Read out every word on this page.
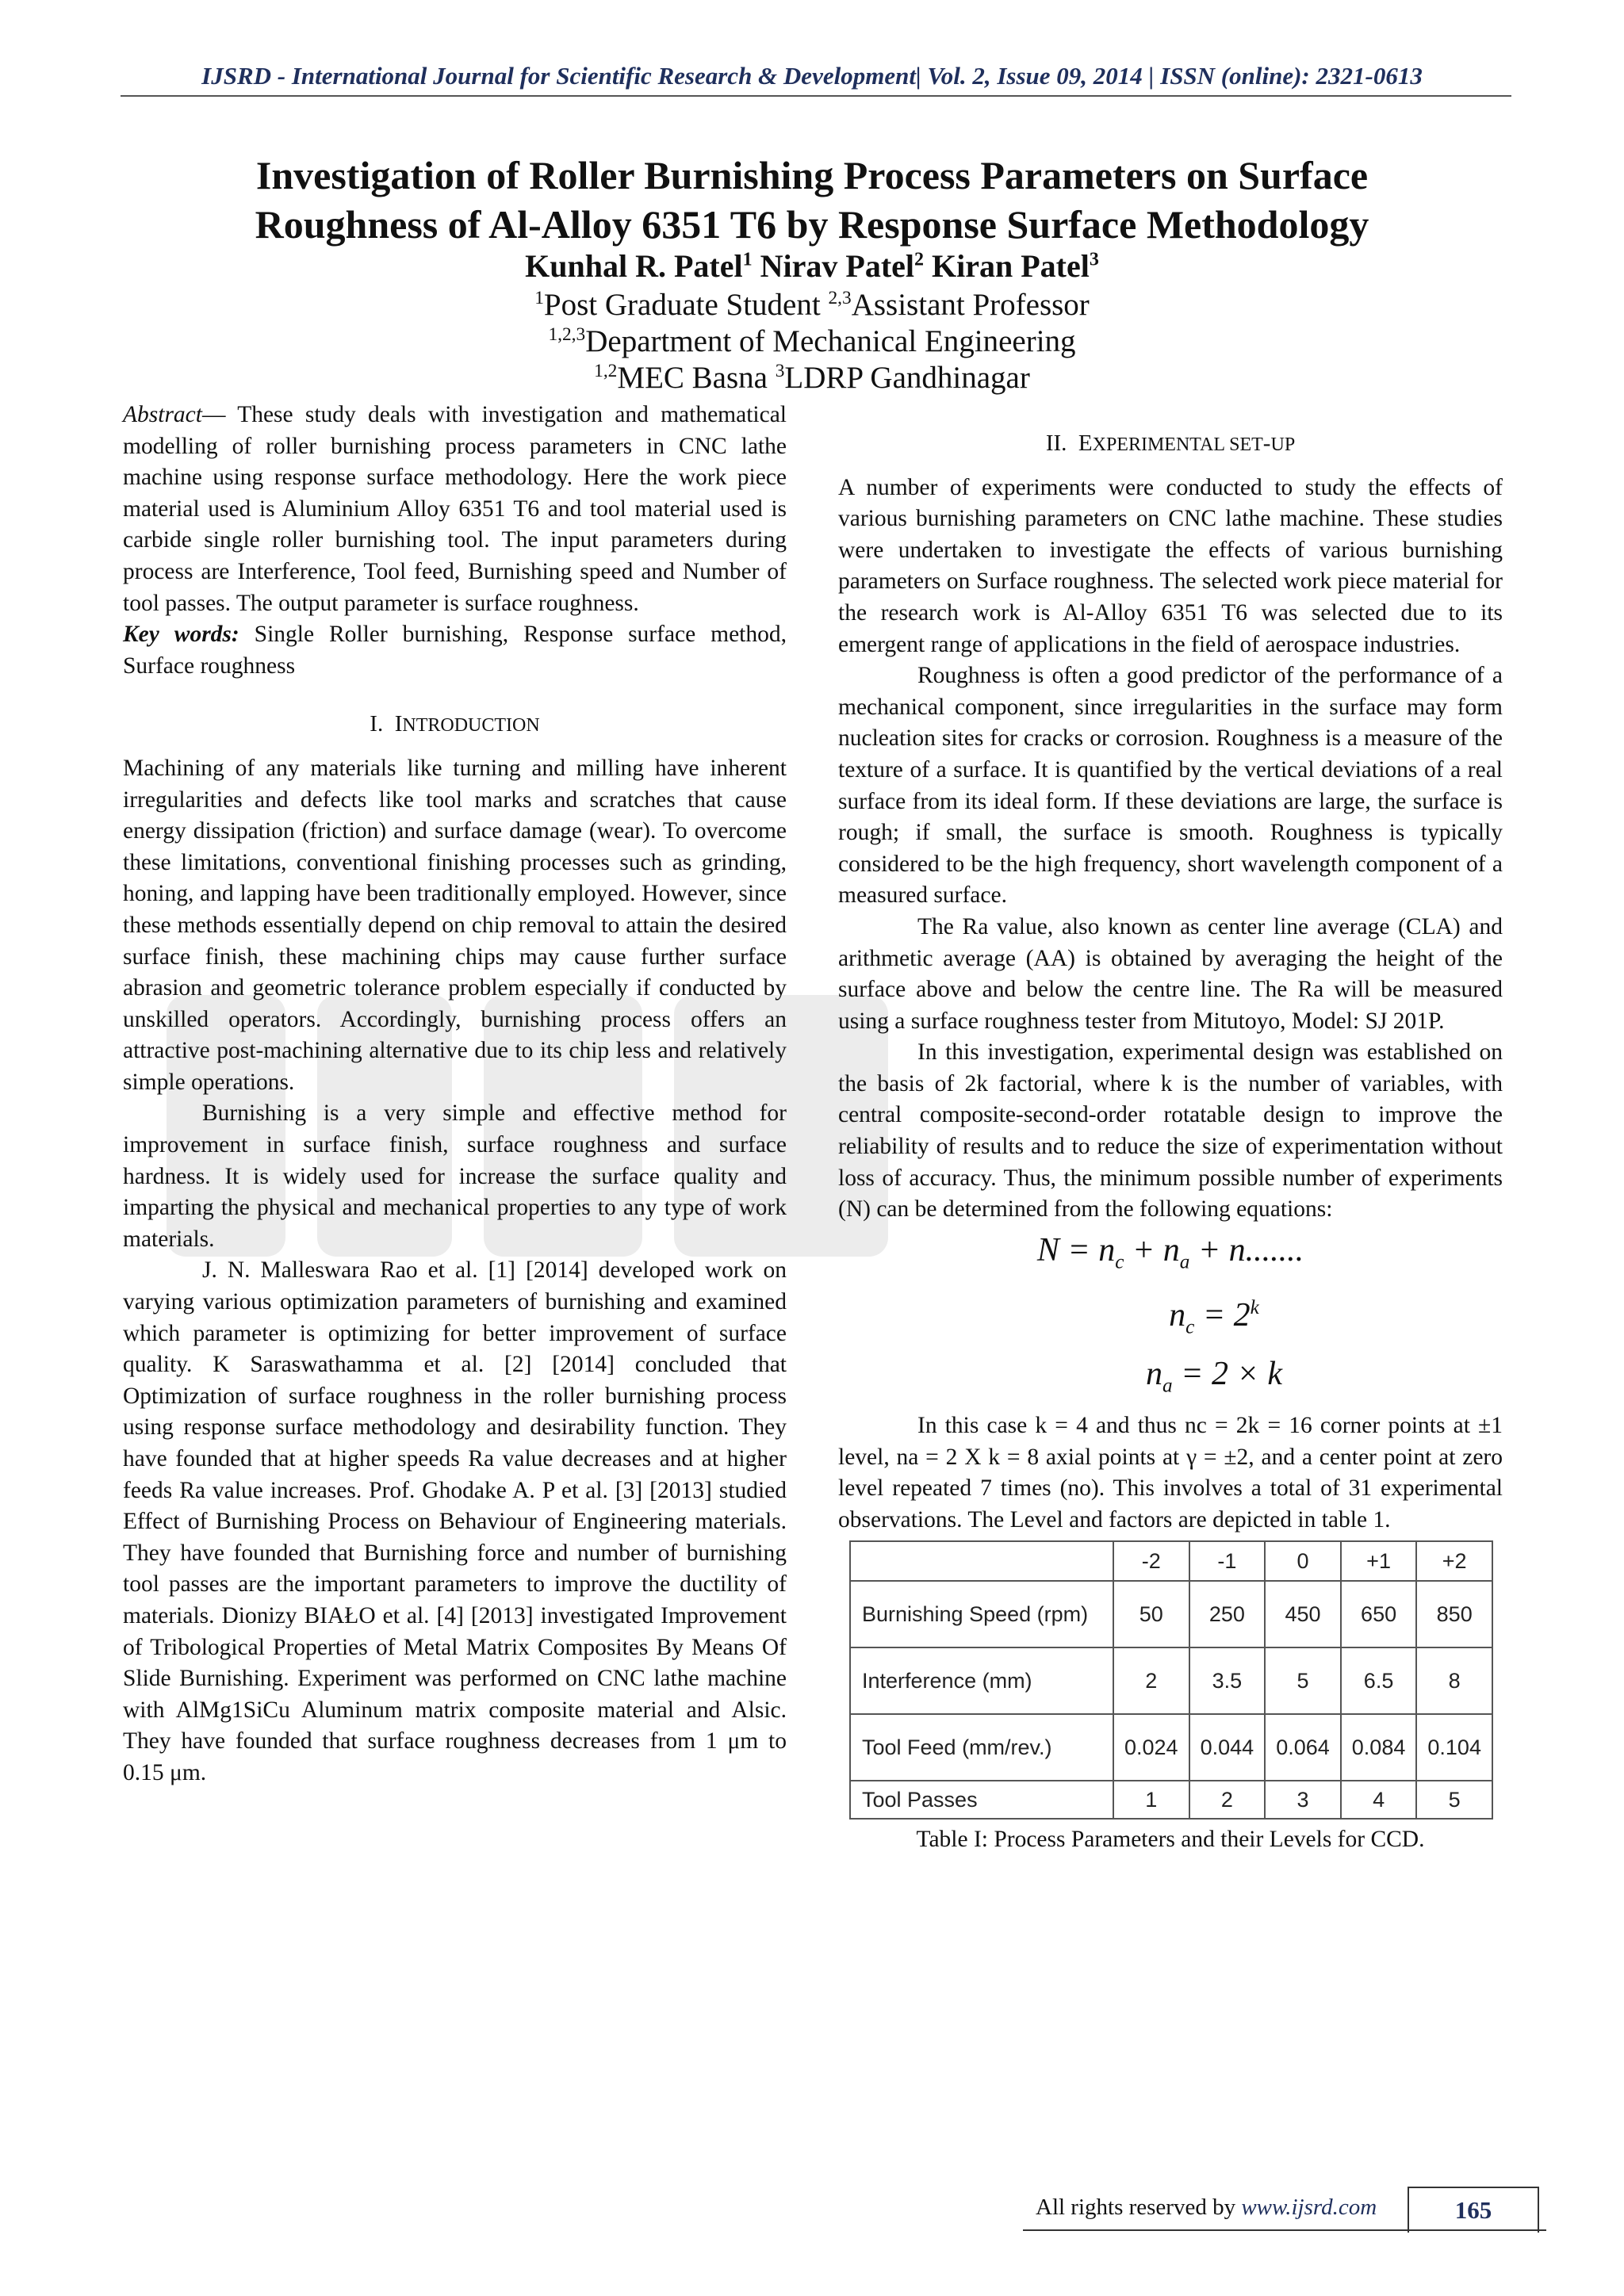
IJSRD - International Journal for Scientific Research & Development| Vol. 2, Issue 09, 2014 | ISSN (online): 2321-0613
Investigation of Roller Burnishing Process Parameters on Surface
Roughness of Al-Alloy 6351 T6 by Response Surface Methodology
Kunhal R. Patel$^1$ Nirav Patel$^2$ Kiran Patel$^3$
$^1$Post Graduate Student $^{2,3}$Assistant Professor
$^{1,2,3}$Department of Mechanical Engineering
$^{1,2}$MEC Basna $^3$LDRP Gandhinagar

Abstract— These study deals with investigation and mathematical modelling of roller burnishing process parameters in CNC lathe machine using response surface methodology. Here the work piece material used is Aluminium Alloy 6351 T6 and tool material used is carbide single roller burnishing tool. The input parameters during process are Interference, Tool feed, Burnishing speed and Number of tool passes. The output parameter is surface roughness.

Key words: Single Roller burnishing, Response surface method, Surface roughness

I. INTRODUCTION

Machining of any materials like turning and milling have inherent irregularities and defects like tool marks and scratches that cause energy dissipation (friction) and surface damage (wear). To overcome these limitations, conventional finishing processes such as grinding, honing, and lapping have been traditionally employed. However, since these methods essentially depend on chip removal to attain the desired surface finish, these machining chips may cause further surface abrasion and geometric tolerance problem especially if conducted by unskilled operators. Accordingly, burnishing process offers an attractive post-machining alternative due to its chip less and relatively simple operations.

Burnishing is a very simple and effective method for improvement in surface finish, surface roughness and surface hardness. It is widely used for increase the surface quality and imparting the physical and mechanical properties to any type of work materials.

J. N. Malleswara Rao et al. [1] [2014] developed work on varying various optimization parameters of burnishing and examined which parameter is optimizing for better improvement of surface quality. K Saraswathamma et al. [2] [2014] concluded that Optimization of surface roughness in the roller burnishing process using response surface methodology and desirability function. They have founded that at higher speeds Ra value decreases and at higher feeds Ra value increases. Prof. Ghodake A. P et al. [3] [2013] studied Effect of Burnishing Process on Behaviour of Engineering materials. They have founded that Burnishing force and number of burnishing tool passes are the important parameters to improve the ductility of materials. Dionizy BIAŁO et al. [4] [2013] investigated Improvement of Tribological Properties of Metal Matrix Composites By Means Of Slide Burnishing. Experiment was performed on CNC lathe machine with AlMg1SiCu Aluminum matrix composite material and Alsic. They have founded that surface roughness decreases from 1 μm to 0.15 μm.

II. EXPERIMENTAL SET-UP

A number of experiments were conducted to study the effects of various burnishing parameters on CNC lathe machine. These studies were undertaken to investigate the effects of various burnishing parameters on Surface roughness. The selected work piece material for the research work is Al-Alloy 6351 T6 was selected due to its emergent range of applications in the field of aerospace industries.

Roughness is often a good predictor of the performance of a mechanical component, since irregularities in the surface may form nucleation sites for cracks or corrosion. Roughness is a measure of the texture of a surface. It is quantified by the vertical deviations of a real surface from its ideal form. If these deviations are large, the surface is rough; if small, the surface is smooth. Roughness is typically considered to be the high frequency, short wavelength component of a measured surface.

The Ra value, also known as center line average (CLA) and arithmetic average (AA) is obtained by averaging the height of the surface above and below the centre line. The Ra will be measured using a surface roughness tester from Mitutoyo, Model: SJ 201P.

In this investigation, experimental design was established on the basis of 2k factorial, where k is the number of variables, with central composite-second-order rotatable design to improve the reliability of results and to reduce the size of experimentation without loss of accuracy. Thus, the minimum possible number of experiments (N) can be determined from the following equations:

$N = n_c + n_a + n$.......
$n_c = 2^k$
$n_a = 2 \times k$

In this case k = 4 and thus nc = 2k = 16 corner points at ±1 level, na = 2 X k = 8 axial points at γ = ±2, and a center point at zero level repeated 7 times (no). This involves a total of 31 experimental observations. The Level and factors are depicted in table 1.

	-2	-1	0	+1	+2
Burnishing Speed (rpm)	50	250	450	650	850
Interference (mm)	2	3.5	5	6.5	8
Tool Feed (mm/rev.)	0.024	0.044	0.064	0.084	0.104
Tool Passes	1	2	3	4	5
Table I: Process Parameters and their Levels for CCD.
All rights reserved by www.ijsrd.com	165
